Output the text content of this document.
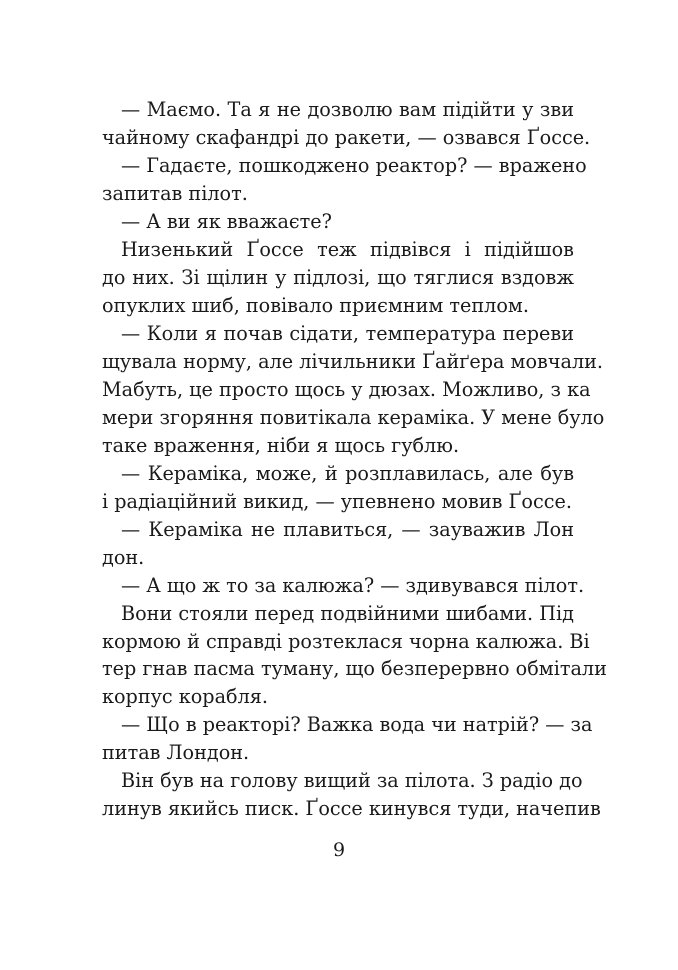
— Маємо. Та я не дозволю вам підійти у зви
чайному скафандрі до ракети, — озвався Ґоссе.
— Гадаєте, пошкоджено реактор? — вражено
запитав пілот.
— А ви як вважаєте?
Низенький Ґоссе теж підвівся і підійшов
до них. Зі щілин у підлозі, що тяглися вздовж
опуклих шиб, повівало приємним теплом.
— Коли я почав сідати, температура переви
щувала норму, але лічильники Ґайґера мовчали.
Мабуть, це просто щось у дюзах. Можливо, з ка
мери згоряння повитікала кераміка. У мене було
таке враження, ніби я щось гублю.
— Кераміка, може, й розплавилась, але був
і радіаційний викид, — упевнено мовив Ґоссе.
— Кераміка не плавиться, — зауважив Лон
дон.
— А що ж то за калюжа? — здивувався пілот.
Вони стояли перед подвійними шибами. Під
кормою й справді розтеклася чорна калюжа. Ві
тер гнав пасма туману, що безперервно обмітали
корпус корабля.
— Що в реакторі? Важка вода чи натрій? — за
питав Лондон.
Він був на голову вищий за пілота. З радіо до
линув якийсь писк. Ґоссе кинувся туди, начепив
9
